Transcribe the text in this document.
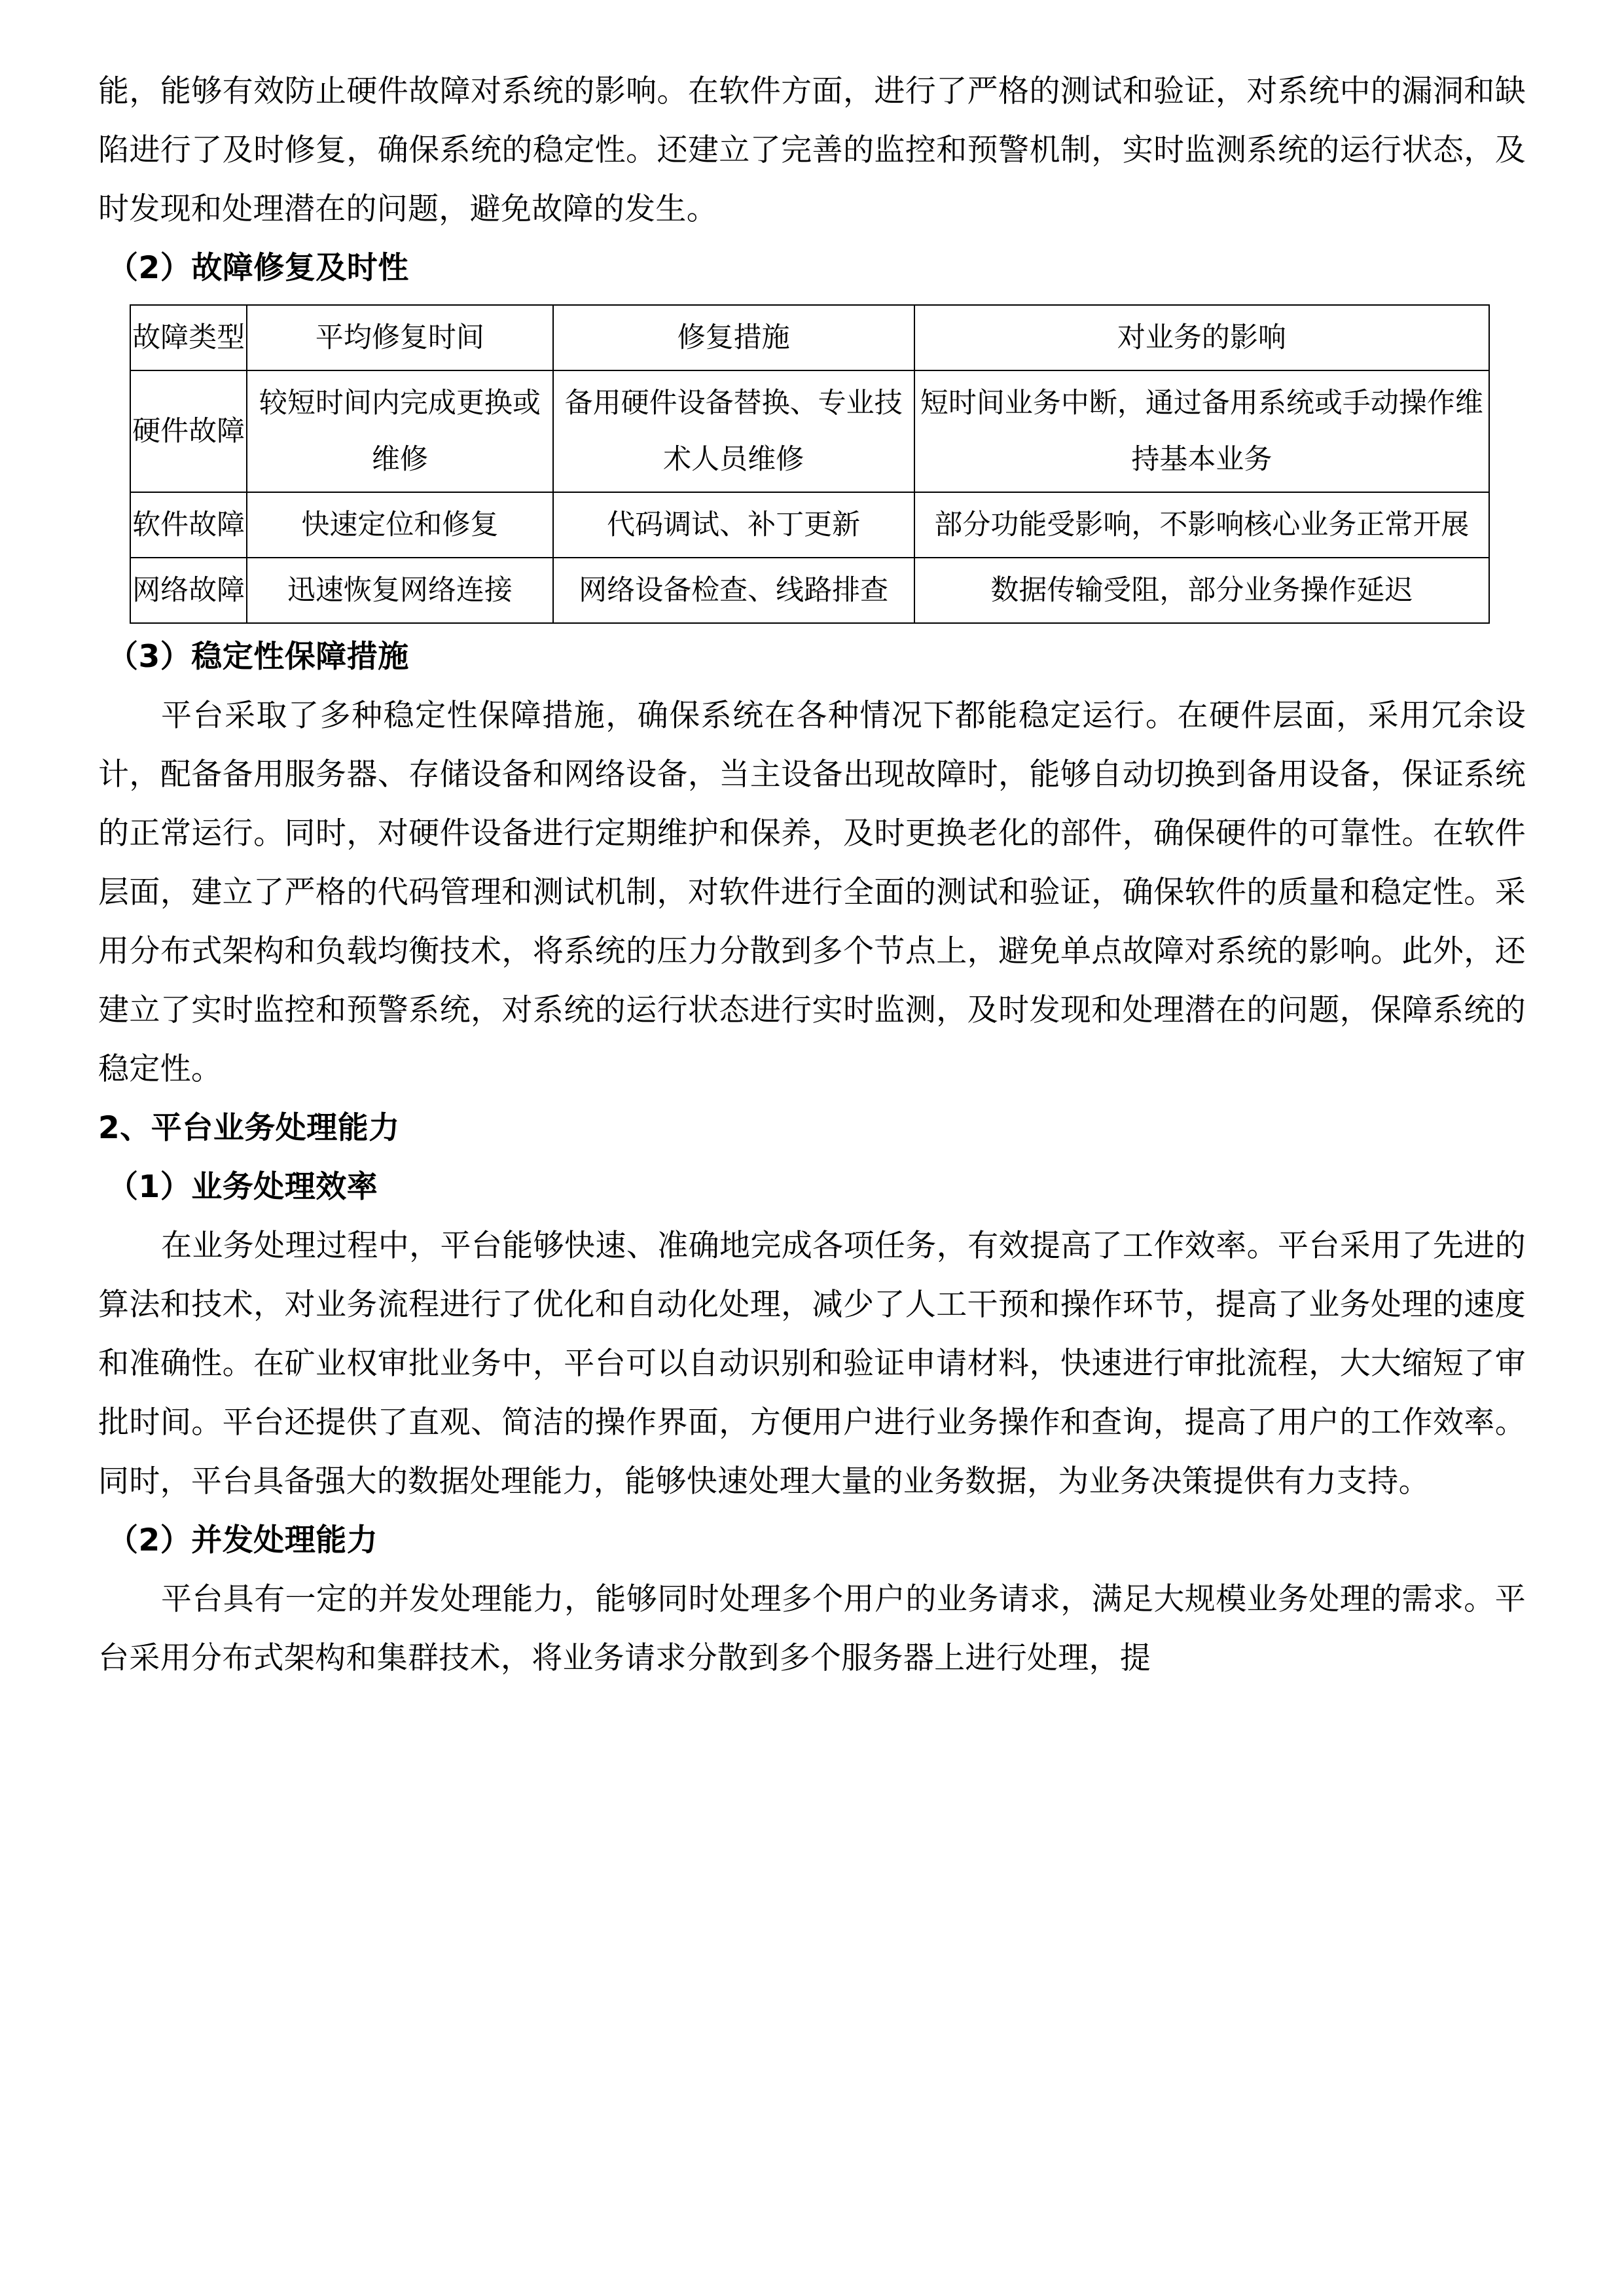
能，能够有效防止硬件故障对系统的影响。在软件方面，进行了严格的测试和验证，对系统中的漏洞和缺陷进行了及时修复，确保系统的稳定性。还建立了完善的监控和预警机制，实时监测系统的运行状态，及时发现和处理潜在的问题，避免故障的发生。

（2）故障修复及时性

故障类型	平均修复时间	修复措施	对业务的影响
硬件故障	较短时间内完成更换或维修	备用硬件设备替换、专业技术人员维修	短时间业务中断，通过备用系统或手动操作维持基本业务
软件故障	快速定位和修复	代码调试、补丁更新	部分功能受影响，不影响核心业务正常开展
网络故障	迅速恢复网络连接	网络设备检查、线路排查	数据传输受阻，部分业务操作延迟

（3）稳定性保障措施

平台采取了多种稳定性保障措施，确保系统在各种情况下都能稳定运行。在硬件层面，采用冗余设计，配备备用服务器、存储设备和网络设备，当主设备出现故障时，能够自动切换到备用设备，保证系统的正常运行。同时，对硬件设备进行定期维护和保养，及时更换老化的部件，确保硬件的可靠性。在软件层面，建立了严格的代码管理和测试机制，对软件进行全面的测试和验证，确保软件的质量和稳定性。采用分布式架构和负载均衡技术，将系统的压力分散到多个节点上，避免单点故障对系统的影响。此外，还建立了实时监控和预警系统，对系统的运行状态进行实时监测，及时发现和处理潜在的问题，保障系统的稳定性。

2、平台业务处理能力

（1）业务处理效率

在业务处理过程中，平台能够快速、准确地完成各项任务，有效提高了工作效率。平台采用了先进的算法和技术，对业务流程进行了优化和自动化处理，减少了人工干预和操作环节，提高了业务处理的速度和准确性。在矿业权审批业务中，平台可以自动识别和验证申请材料，快速进行审批流程，大大缩短了审批时间。平台还提供了直观、简洁的操作界面，方便用户进行业务操作和查询，提高了用户的工作效率。同时，平台具备强大的数据处理能力，能够快速处理大量的业务数据，为业务决策提供有力支持。

（2）并发处理能力

平台具有一定的并发处理能力，能够同时处理多个用户的业务请求，满足大规模业务处理的需求。平台采用分布式架构和集群技术，将业务请求分散到多个服务器上进行处理，提
